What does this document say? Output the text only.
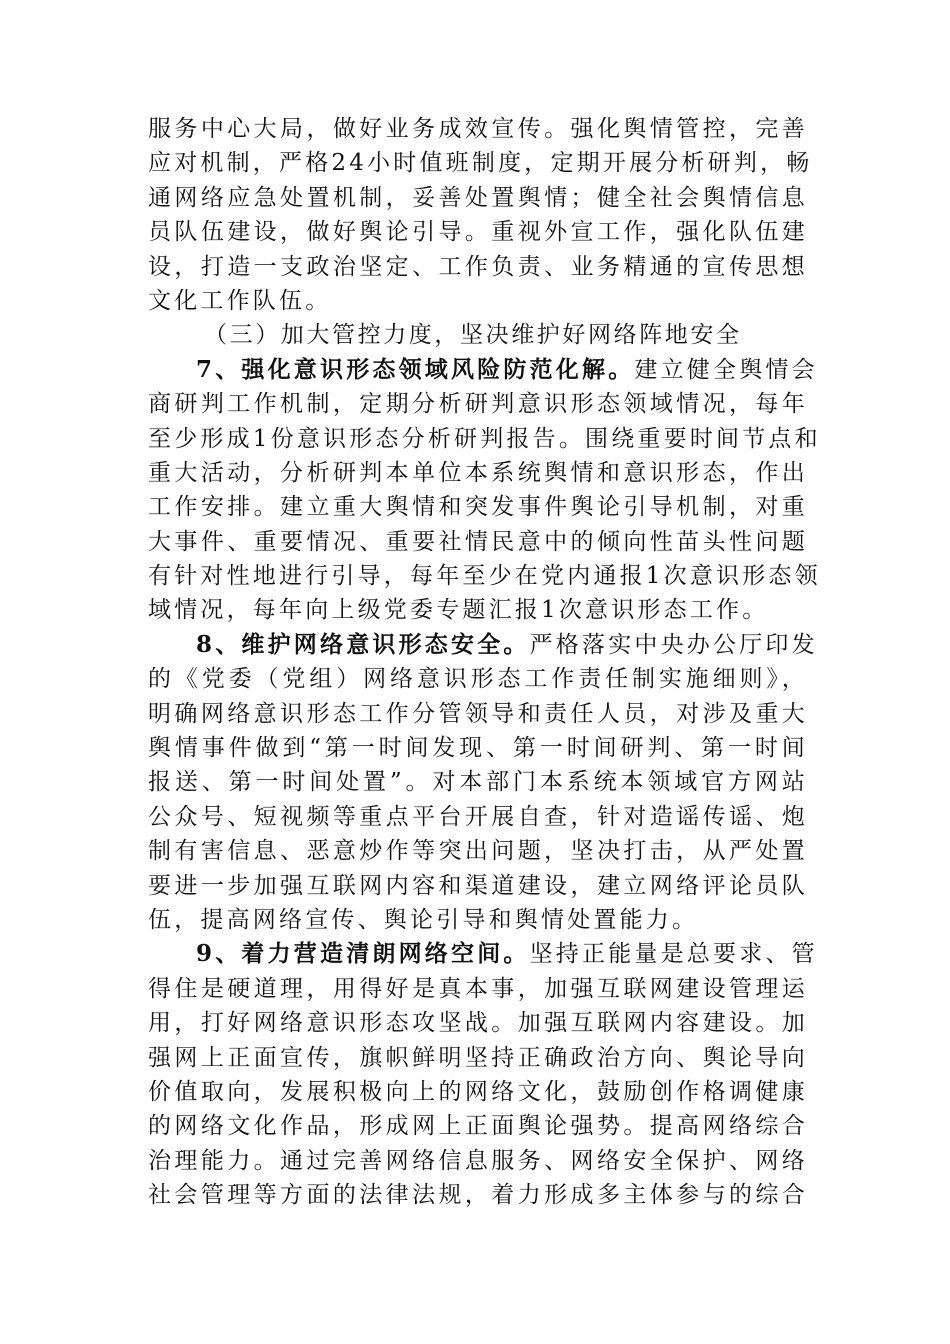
服务中心大局，做好业务成效宣传。强化舆情管控，完善
应对机制，严格24小时值班制度，定期开展分析研判，畅
通网络应急处置机制，妥善处置舆情；健全社会舆情信息
员队伍建设，做好舆论引导。重视外宣工作，强化队伍建
设，打造一支政治坚定、工作负责、业务精通的宣传思想
文化工作队伍。
（三）加大管控力度，坚决维护好网络阵地安全
7、强化意识形态领域风险防范化解。建立健全舆情会
商研判工作机制，定期分析研判意识形态领域情况，每年
至少形成1份意识形态分析研判报告。围绕重要时间节点和
重大活动，分析研判本单位本系统舆情和意识形态，作出
工作安排。建立重大舆情和突发事件舆论引导机制，对重
大事件、重要情况、重要社情民意中的倾向性苗头性问题
有针对性地进行引导，每年至少在党内通报1次意识形态领
域情况，每年向上级党委专题汇报1次意识形态工作。
8、维护网络意识形态安全。严格落实中央办公厅印发
的《党委（党组）网络意识形态工作责任制实施细则》，
明确网络意识形态工作分管领导和责任人员，对涉及重大
舆情事件做到“第一时间发现、第一时间研判、第一时间
报送、第一时间处置”。对本部门本系统本领域官方网站
公众号、短视频等重点平台开展自查，针对造谣传谣、炮
制有害信息、恶意炒作等突出问题，坚决打击，从严处置
要进一步加强互联网内容和渠道建设，建立网络评论员队
伍，提高网络宣传、舆论引导和舆情处置能力。
9、着力营造清朗网络空间。坚持正能量是总要求、管
得住是硬道理，用得好是真本事，加强互联网建设管理运
用，打好网络意识形态攻坚战。加强互联网内容建设。加
强网上正面宣传，旗帜鲜明坚持正确政治方向、舆论导向
价值取向，发展积极向上的网络文化，鼓励创作格调健康
的网络文化作品，形成网上正面舆论强势。提高网络综合
治理能力。通过完善网络信息服务、网络安全保护、网络
社会管理等方面的法律法规，着力形成多主体参与的综合
